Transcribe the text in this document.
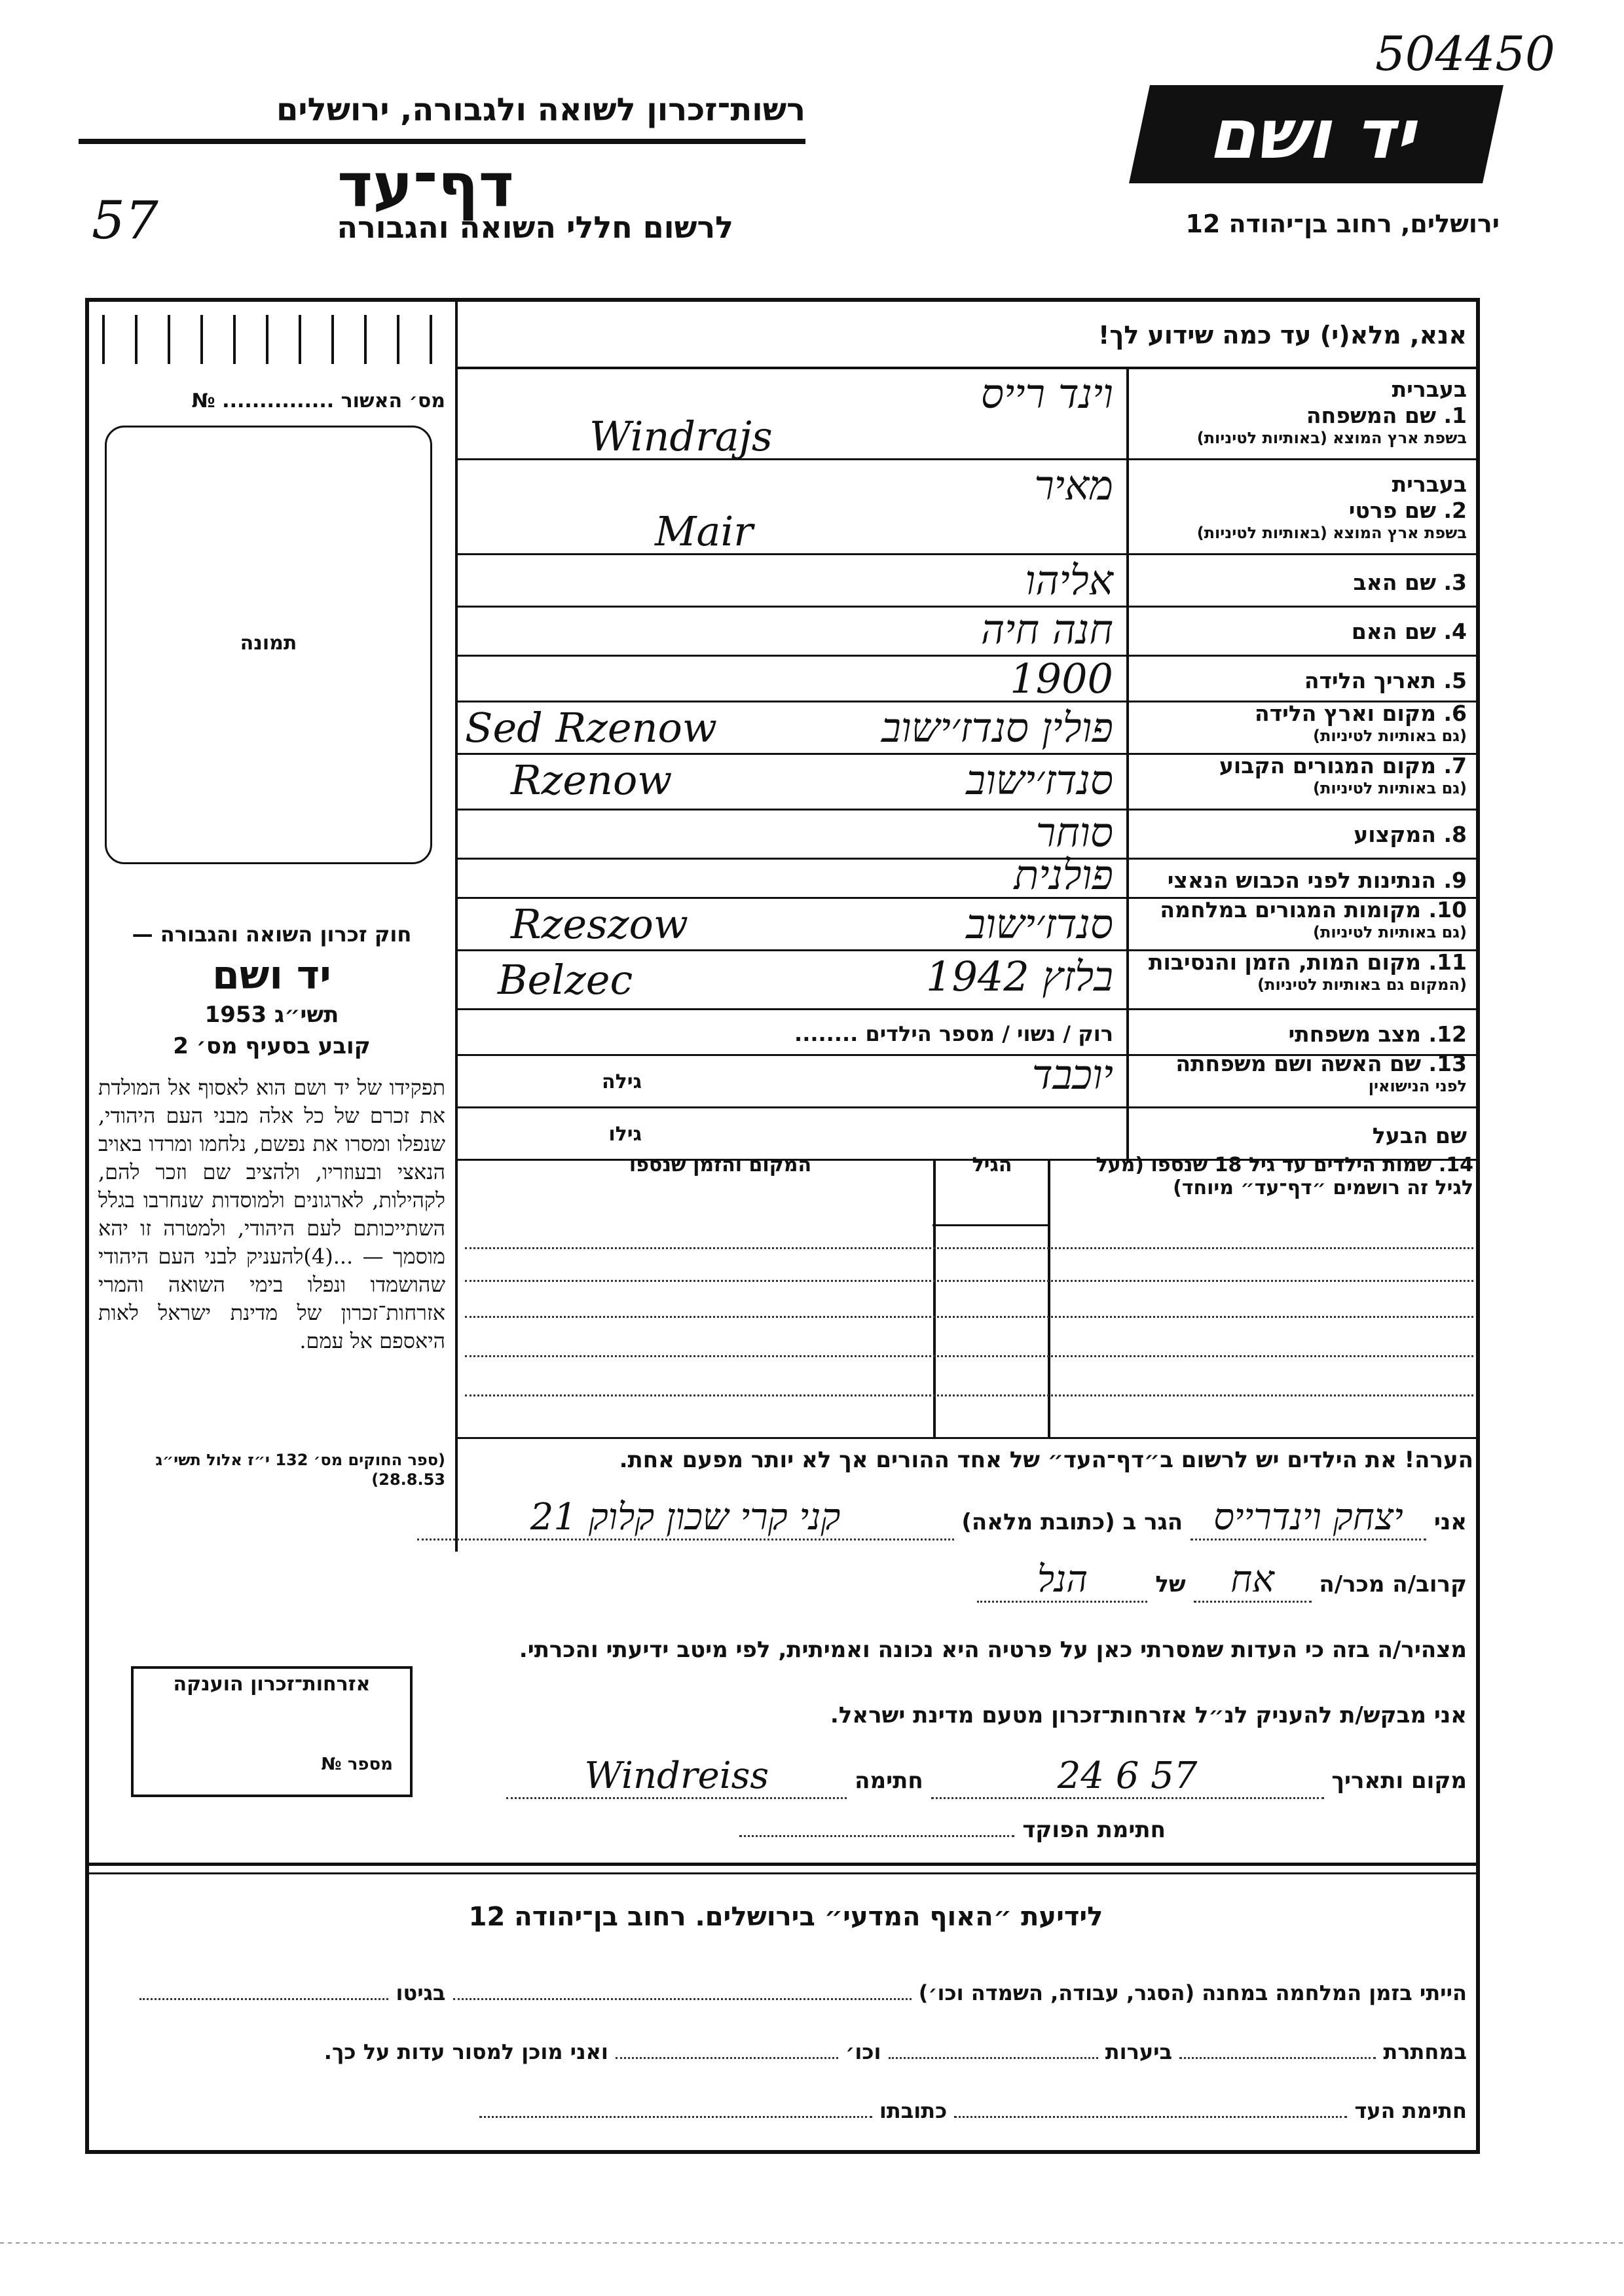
504450
רשות־זכרון לשואה ולגבורה, ירושלים
דף־עד
לרשום חללי השואה והגבורה
57
יד ושם
ירושלים, רחוב בן־יהודה 12
אנא, מלא(י) עד כמה שידוע לך!
מס׳ האשור ............... №
תמונה
חוק זכרון השואה והגבורה —
יד ושם
תשי״ג 1953
קובע בסעיף מס׳ 2
תפקידו של יד ושם הוא לאסוף אל המולדת את זכרם של כל אלה מבני העם היהודי, שנפלו ומסרו את נפשם, נלחמו ומרדו באויב הנאצי ובעוזריו, ולהציב שם וזכר להם, לקהילות, לארגונים ולמוסדות שנחרבו בגלל השתייכותם לעם היהודי, ולמטרה זו יהא מוסמך — ...(4)להעניק לבני העם היהודי שהושמדו ונפלו בימי השואה והמרי אזרחות־זכרון של מדינת ישראל לאות היאספם אל עמם.
(ספר החוקים מס׳ 132 י״ז אלול תשי״ג 28.8.53)
בעברית
1. שם המשפחה
בשפת ארץ המוצא (באותיות לטיניות)
וינד רייס
Windrajs
בעברית
2. שם פרטי
בשפת ארץ המוצא (באותיות לטיניות)
מאיר
Mair
3. שם האב
אליהו
4. שם האם
חנה חיה
5. תאריך הלידה
1900
6. מקום וארץ הלידה
(גם באותיות לטיניות)
פולין סנדז׳ישוב
Sed Rzenow
7. מקום המגורים הקבוע
(גם באותיות לטיניות)
סנדז׳ישוב
Rzenow
8. המקצוע
סוחר
9. הנתינות לפני הכבוש הנאצי
פולנית
10. מקומות המגורים במלחמה
(גם באותיות לטיניות)
סנדז׳ישוב
Rzeszow
11. מקום המות, הזמן והנסיבות
(המקום גם באותיות לטיניות)
בלזץ 1942
Belzec
12. מצב משפחתי
רוק / נשוי / מספר הילדים ........
13. שם האשה ושם משפחתה
לפני הנישואין
יוכבד
גילה
שם הבעל
גילו
המקום והזמן שנספו	הגיל	14. שמות הילדים עד גיל 18 שנספו (מעל לגיל זה רושמים ״דף־עד״ מיוחד)
הערה! את הילדים יש לרשום ב״דף־העד״ של אחד ההורים אך לא יותר מפעם אחת.
אני יצחק וינדרייס הגר ב (כתובת מלאה) קני קרי שכון קלוק 21
קרוב/ה מכר/ה אח של הנל
מצהיר/ה בזה כי העדות שמסרתי כאן על פרטיה היא נכונה ואמיתית, לפי מיטב ידיעתי והכרתי.
אני מבקש/ת להעניק לנ״ל אזרחות־זכרון מטעם מדינת ישראל.
מקום ותאריך 24 6 57 חתימה Windreiss
חתימת הפוקד
אזרחות־זכרון הוענקה
מספר №
לידיעת ״האוף המדעי״ בירושלים. רחוב בן־יהודה 12
הייתי בזמן המלחמה במחנה (הסגר, עבודה, השמדה וכו׳)  בגיטו
במחתרת  ביערות  וכו׳  ואני מוכן למסור עדות על כך.
חתימת העד  כתובתו
